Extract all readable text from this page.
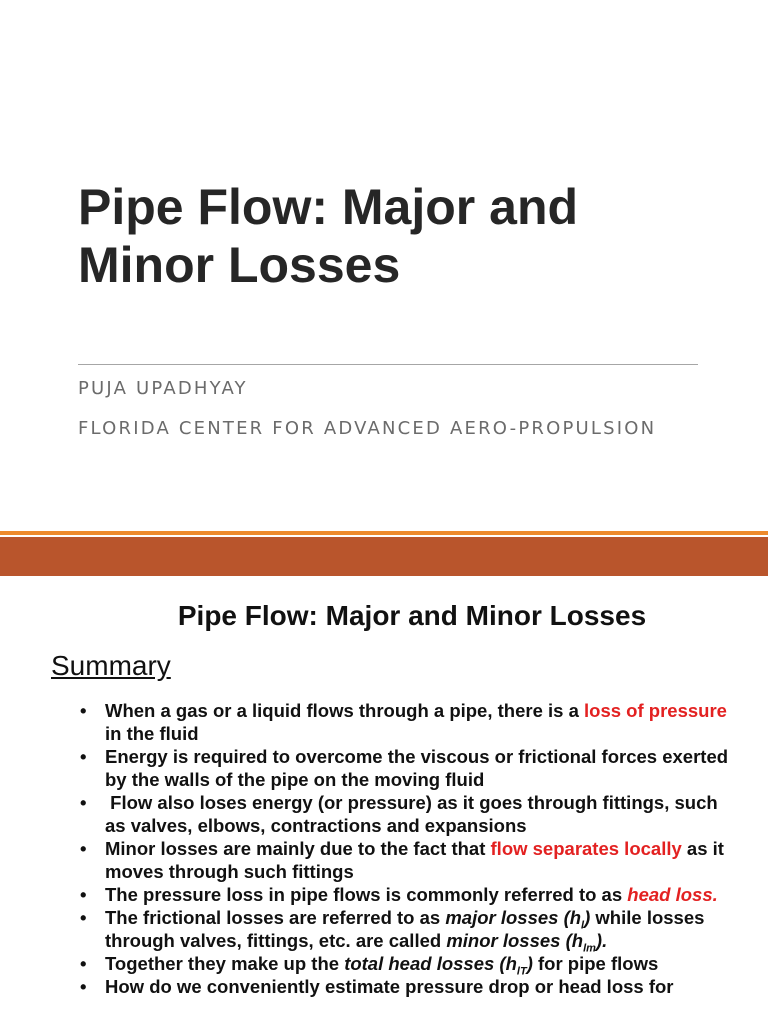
Pipe Flow: Major and
Minor Losses

PUJA UPADHYAY

FLORIDA CENTER FOR ADVANCED AERO-PROPULSION

Pipe Flow: Major and Minor Losses
Summary
• When a gas or a liquid flows through a pipe, there is a loss of pressure in the fluid
• Energy is required to overcome the viscous or frictional forces exerted by the walls of the pipe on the moving fluid
•  Flow also loses energy (or pressure) as it goes through fittings, such as valves, elbows, contractions and expansions
• Minor losses are mainly due to the fact that flow separates locally as it moves through such fittings
• The pressure loss in pipe flows is commonly referred to as head loss.
• The frictional losses are referred to as major losses $(h_l)$ while losses through valves, fittings, etc. are called minor losses $(h_{lm})$.
• Together they make up the total head losses $(h_{lT})$ for pipe flows
• How do we conveniently estimate pressure drop or head loss for
